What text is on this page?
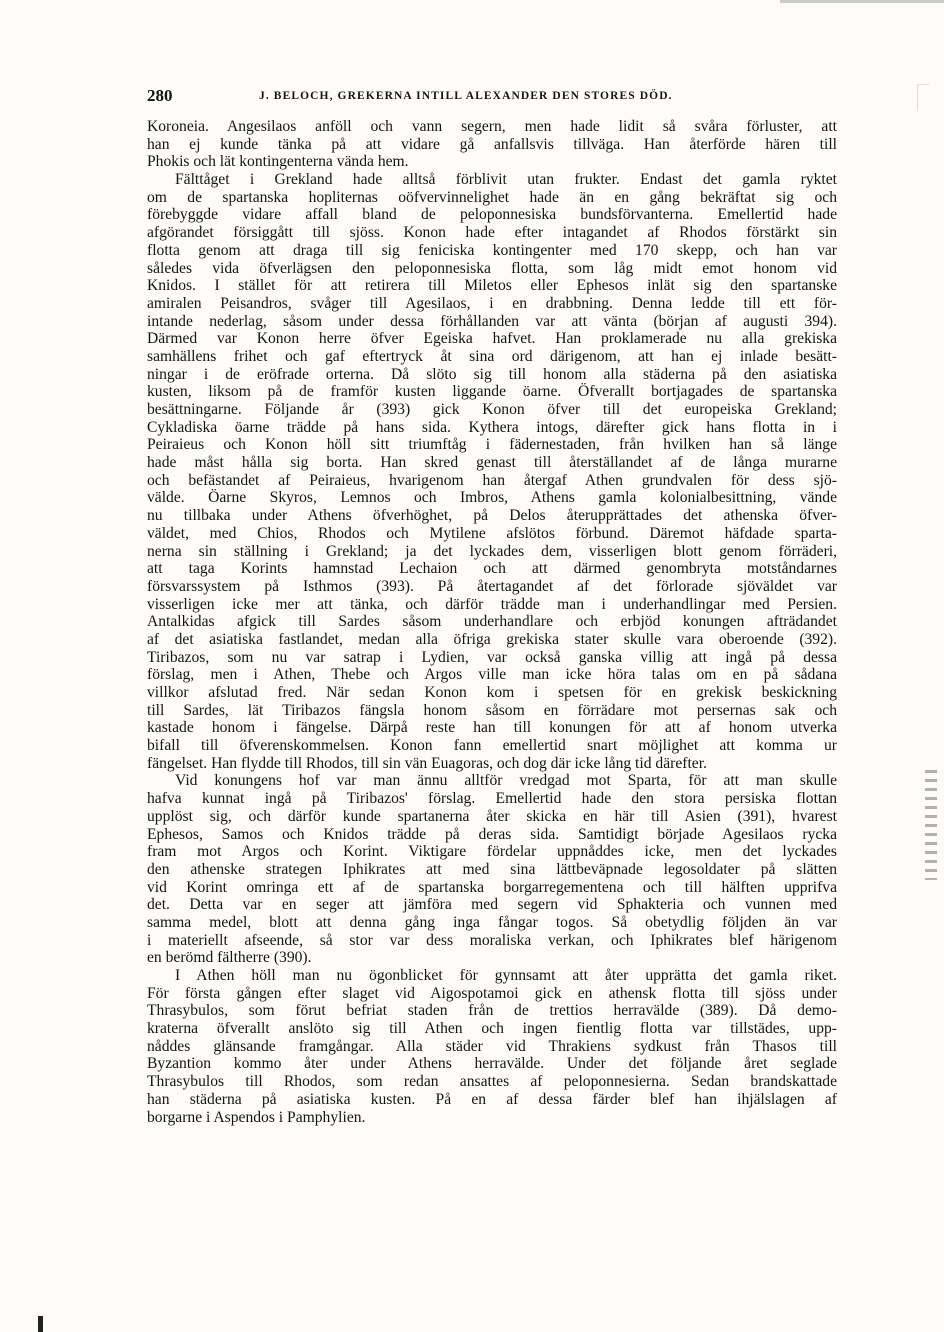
280	J. BELOCH, GREKERNA INTILL ALEXANDER DEN STORES DÖD.
Koroneia. Angesilaos anföll och vann segern, men hade lidit så svåra förluster, att
han ej kunde tänka på att vidare gå anfallsvis tillväga. Han återförde hären till
Phokis och lät kontingenterna vända hem.
Fälttåget i Grekland hade alltså förblivit utan frukter. Endast det gamla ryktet
om de spartanska hopliternas oöfvervinnelighet hade än en gång bekräftat sig och
förebyggde vidare affall bland de peloponnesiska bundsförvanterna. Emellertid hade
afgörandet försiggått till sjöss. Konon hade efter intagandet af Rhodos förstärkt sin
flotta genom att draga till sig feniciska kontingenter med 170 skepp, och han var
således vida öfverlägsen den peloponnesiska flotta, som låg midt emot honom vid
Knidos. I stället för att retirera till Miletos eller Ephesos inlät sig den spartanske
amiralen Peisandros, svåger till Agesilaos, i en drabbning. Denna ledde till ett för-
intande nederlag, såsom under dessa förhållanden var att vänta (början af augusti 394).
Därmed var Konon herre öfver Egeiska hafvet. Han proklamerade nu alla grekiska
samhällens frihet och gaf eftertryck åt sina ord därigenom, att han ej inlade besätt-
ningar i de eröfrade orterna. Då slöto sig till honom alla städerna på den asiatiska
kusten, liksom på de framför kusten liggande öarne. Öfverallt bortjagades de spartanska
besättningarne. Följande år (393) gick Konon öfver till det europeiska Grekland;
Cykladiska öarne trädde på hans sida. Kythera intogs, därefter gick hans flotta in i
Peiraieus och Konon höll sitt triumftåg i fädernestaden, från hvilken han så länge
hade måst hålla sig borta. Han skred genast till återställandet af de långa murarne
och befästandet af Peiraieus, hvarigenom han återgaf Athen grundvalen för dess sjö-
välde. Öarne Skyros, Lemnos och Imbros, Athens gamla kolonialbesittning, vände
nu tillbaka under Athens öfverhöghet, på Delos återupprättades det athenska öfver-
väldet, med Chios, Rhodos och Mytilene afslötos förbund. Däremot häfdade sparta-
nerna sin ställning i Grekland; ja det lyckades dem, visserligen blott genom förräderi,
att taga Korints hamnstad Lechaion och att därmed genombryta motståndarnes
försvarssystem på Isthmos (393). På återtagandet af det förlorade sjöväldet var
visserligen icke mer att tänka, och därför trädde man i underhandlingar med Persien.
Antalkidas afgick till Sardes såsom underhandlare och erbjöd konungen afträdandet
af det asiatiska fastlandet, medan alla öfriga grekiska stater skulle vara oberoende (392).
Tiribazos, som nu var satrap i Lydien, var också ganska villig att ingå på dessa
förslag, men i Athen, Thebe och Argos ville man icke höra talas om en på sådana
villkor afslutad fred. När sedan Konon kom i spetsen för en grekisk beskickning
till Sardes, lät Tiribazos fängsla honom såsom en förrädare mot persernas sak och
kastade honom i fängelse. Därpå reste han till konungen för att af honom utverka
bifall till öfverenskommelsen. Konon fann emellertid snart möjlighet att komma ur
fängelset. Han flydde till Rhodos, till sin vän Euagoras, och dog där icke lång tid därefter.
Vid konungens hof var man ännu alltför vredgad mot Sparta, för att man skulle
hafva kunnat ingå på Tiribazos' förslag. Emellertid hade den stora persiska flottan
upplöst sig, och därför kunde spartanerna åter skicka en här till Asien (391), hvarest
Ephesos, Samos och Knidos trädde på deras sida. Samtidigt började Agesilaos rycka
fram mot Argos och Korint. Viktigare fördelar uppnåddes icke, men det lyckades
den athenske strategen Iphikrates att med sina lättbeväpnade legosoldater på slätten
vid Korint omringa ett af de spartanska borgarregementena och till hälften upprifva
det. Detta var en seger att jämföra med segern vid Sphakteria och vunnen med
samma medel, blott att denna gång inga fångar togos. Så obetydlig följden än var
i materiellt afseende, så stor var dess moraliska verkan, och Iphikrates blef härigenom
en berömd fältherre (390).
I Athen höll man nu ögonblicket för gynnsamt att åter upprätta det gamla riket.
För första gången efter slaget vid Aigospotamoi gick en athensk flotta till sjöss under
Thrasybulos, som förut befriat staden från de trettios herravälde (389). Då demo-
kraterna öfverallt anslöto sig till Athen och ingen fientlig flotta var tillstädes, upp-
nåddes glänsande framgångar. Alla städer vid Thrakiens sydkust från Thasos till
Byzantion kommo åter under Athens herravälde. Under det följande året seglade
Thrasybulos till Rhodos, som redan ansattes af peloponnesierna. Sedan brandskattade
han städerna på asiatiska kusten. På en af dessa färder blef han ihjälslagen af
borgarne i Aspendos i Pamphylien.
